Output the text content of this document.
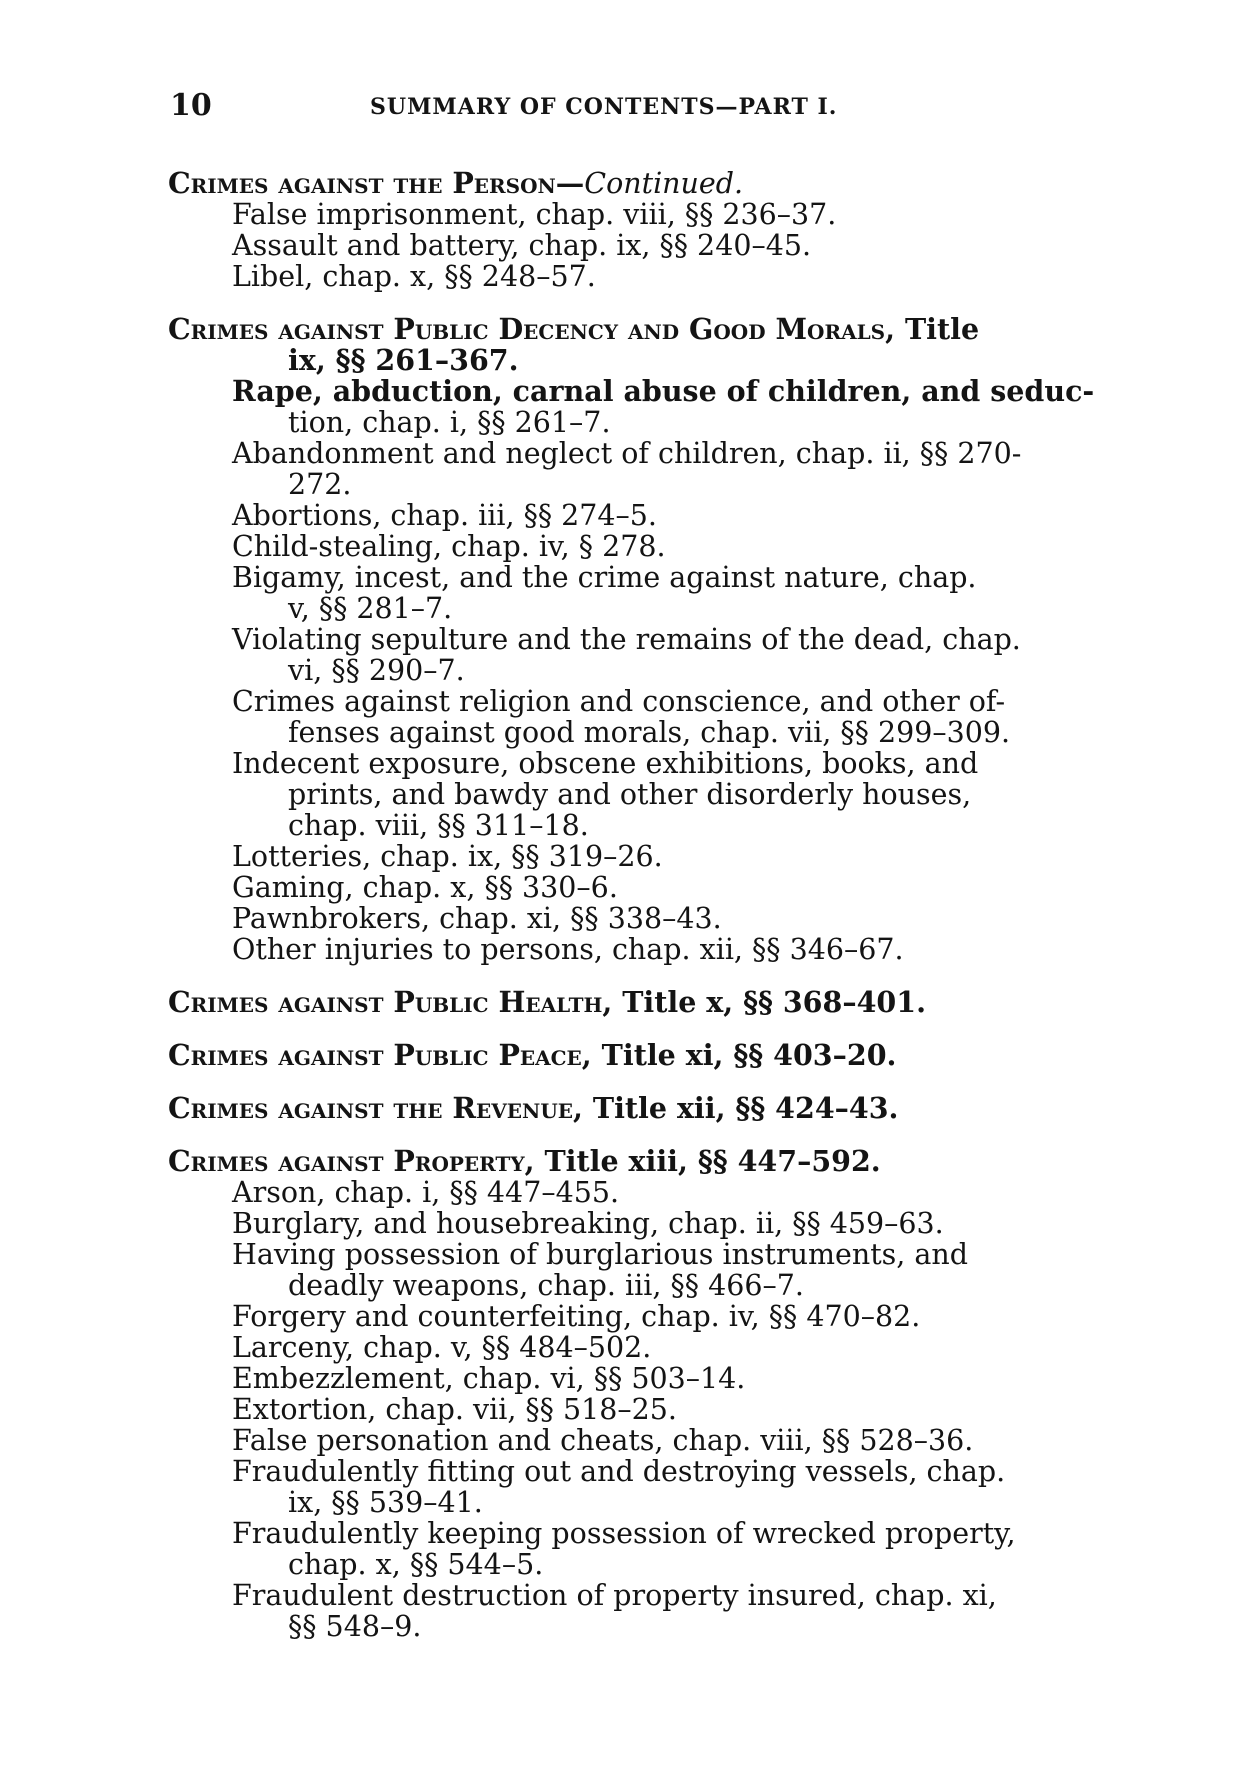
10	SUMMARY OF CONTENTS—PART I.

Crimes against the Person—Continued.

False imprisonment, chap. viii, §§ 236–37.

Assault and battery, chap. ix, §§ 240–45.

Libel, chap. x, §§ 248–57.

Crimes against Public Decency and Good Morals, Title

ix, §§ 261–367.

Rape, abduction, carnal abuse of children, and seduc-

tion, chap. i, §§ 261–7.

Abandonment and neglect of children, chap. ii, §§ 270-

272.

Abortions, chap. iii, §§ 274–5.

Child-stealing, chap. iv, § 278.

Bigamy, incest, and the crime against nature, chap.

v, §§ 281–7.

Violating sepulture and the remains of the dead, chap.

vi, §§ 290–7.

Crimes against religion and conscience, and other of-

fenses against good morals, chap. vii, §§ 299–309.

Indecent exposure, obscene exhibitions, books, and

prints, and bawdy and other disorderly houses,

chap. viii, §§ 311–18.

Lotteries, chap. ix, §§ 319–26.

Gaming, chap. x, §§ 330–6.

Pawnbrokers, chap. xi, §§ 338–43.

Other injuries to persons, chap. xii, §§ 346–67.

Crimes against Public Health, Title x, §§ 368–401.

Crimes against Public Peace, Title xi, §§ 403–20.

Crimes against the Revenue, Title xii, §§ 424–43.

Crimes against Property, Title xiii, §§ 447–592.

Arson, chap. i, §§ 447–455.

Burglary, and housebreaking, chap. ii, §§ 459–63.

Having possession of burglarious instruments, and

deadly weapons, chap. iii, §§ 466–7.

Forgery and counterfeiting, chap. iv, §§ 470–82.

Larceny, chap. v, §§ 484–502.

Embezzlement, chap. vi, §§ 503–14.

Extortion, chap. vii, §§ 518–25.

False personation and cheats, chap. viii, §§ 528–36.

Fraudulently fitting out and destroying vessels, chap.

ix, §§ 539–41.

Fraudulently keeping possession of wrecked property,

chap. x, §§ 544–5.

Fraudulent destruction of property insured, chap. xi,

§§ 548–9.
